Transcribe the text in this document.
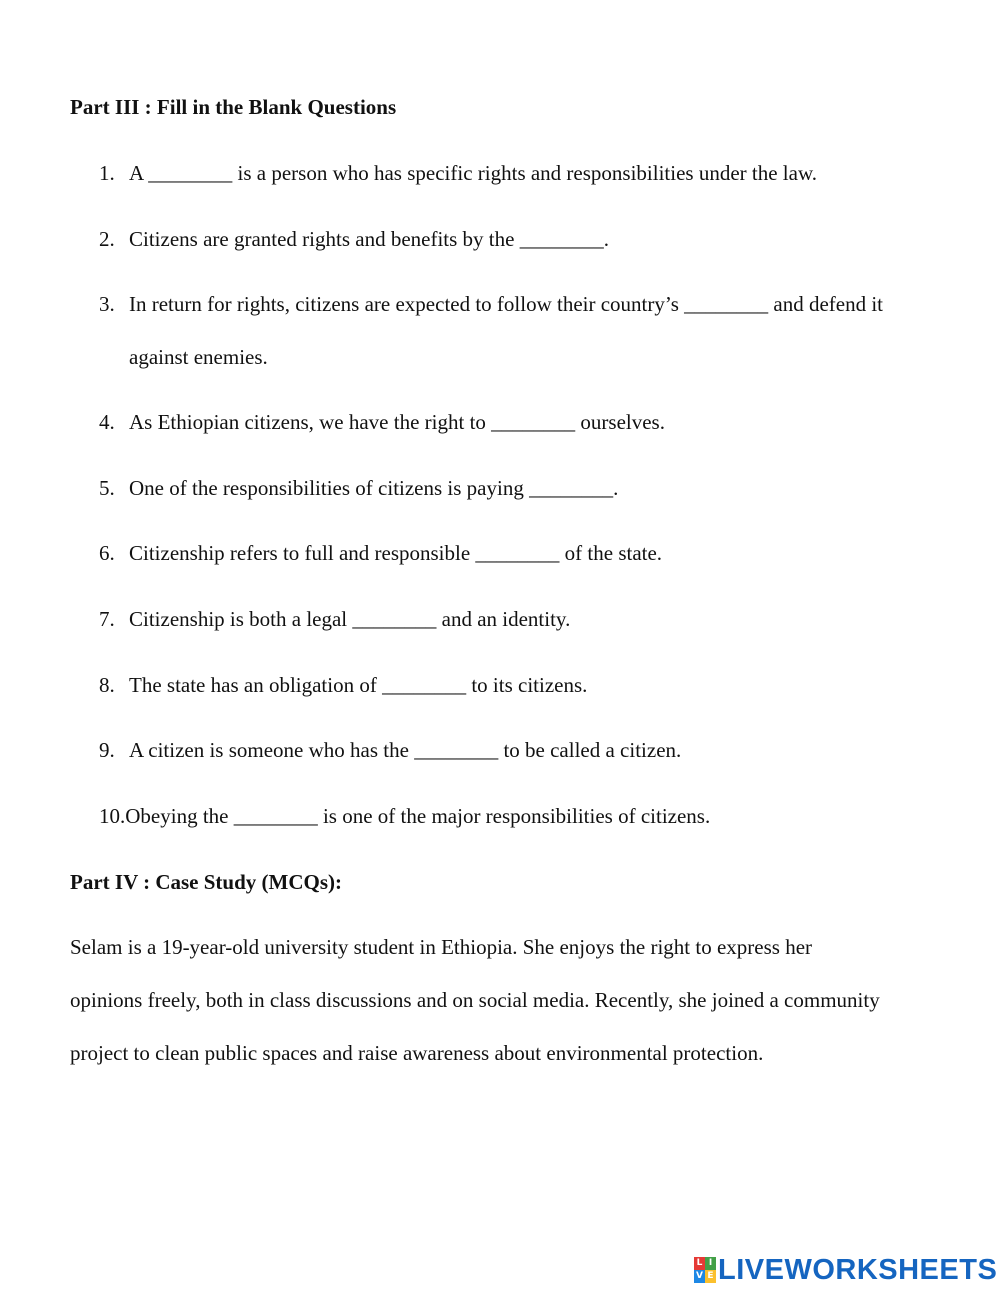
Part III : Fill in the Blank Questions
1. A ________ is a person who has specific rights and responsibilities under the law.
2. Citizens are granted rights and benefits by the ________.
3. In return for rights, citizens are expected to follow their country’s ________ and defend it
against enemies.
4. As Ethiopian citizens, we have the right to ________ ourselves.
5. One of the responsibilities of citizens is paying ________.
6. Citizenship refers to full and responsible ________ of the state.
7. Citizenship is both a legal ________ and an identity.
8. The state has an obligation of ________ to its citizens.
9. A citizen is someone who has the ________ to be called a citizen.
10.Obeying the ________ is one of the major responsibilities of citizens.
Part IV : Case Study (MCQs):
Selam is a 19-year-old university student in Ethiopia. She enjoys the right to express her
opinions freely, both in class discussions and on social media. Recently, she joined a community
project to clean public spaces and raise awareness about environmental protection.
L I
V E LIVEWORKSHEETS
